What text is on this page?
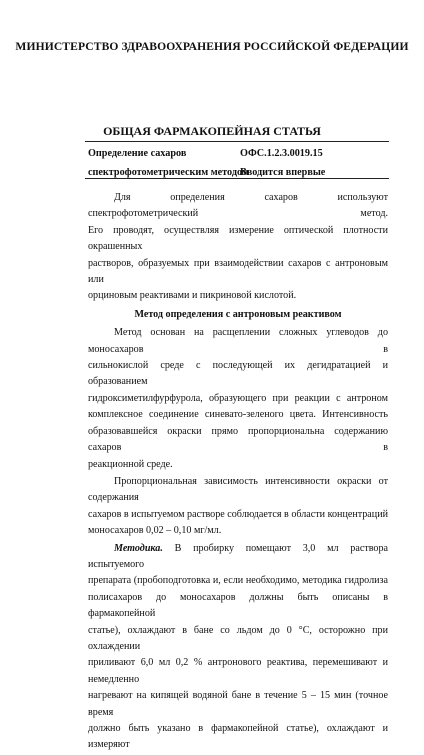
МИНИСТЕРСТВО ЗДРАВООХРАНЕНИЯ РОССИЙСКОЙ ФЕДЕРАЦИИ
ОБЩАЯ ФАРМАКОПЕЙНАЯ СТАТЬЯ
Определение сахаров
спектрофотометрическим методом
ОФС.1.2.3.0019.15
Вводится впервые

Для определения сахаров используют спектрофотометрический метод.
Его проводят, осуществляя измерение оптической плотности окрашенных
растворов, образуемых при взаимодействии сахаров с антроновым или
орциновым реактивами и пикриновой кислотой.

Метод определения с антроновым реактивом

Метод основан на расщеплении сложных углеводов до моносахаров в
сильнокислой среде с последующей их дегидратацией и образованием
гидроксиметилфурфурола, образующего при реакции с антроном
комплексное соединение синевато-зеленого цвета. Интенсивность
образовавшейся окраски прямо пропорциональна содержанию сахаров в
реакционной среде.

Пропорциональная зависимость интенсивности окраски от содержания
сахаров в испытуемом растворе соблюдается в области концентраций
моносахаров 0,02 – 0,10 мг/мл.

Методика. В пробирку помещают 3,0 мл раствора испытуемого
препарата (пробоподготовка и, если необходимо, методика гидролиза
полисахаров до моносахаров должны быть описаны в фармакопейной
статье), охлаждают в бане со льдом до 0 °C, осторожно при охлаждении
приливают 6,0 мл 0,2 % антронового реактива, перемешивают и немедленно
нагревают на кипящей водяной бане в течение 5 – 15 мин (точное время
должно быть указано в фармакопейной статье), охлаждают и измеряют
